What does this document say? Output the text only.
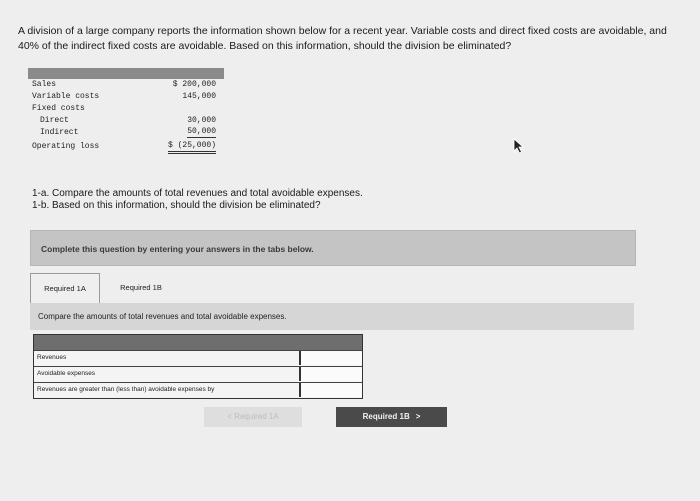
A division of a large company reports the information shown below for a recent year. Variable costs and direct fixed costs are avoidable, and 40% of the indirect fixed costs are avoidable. Based on this information, should the division be eliminated?
Sales	$ 200,000
Variable costs	145,000
Fixed costs
Direct	30,000
Indirect	50,000
Operating loss	$ (25,000)
1-a. Compare the amounts of total revenues and total avoidable expenses.
1-b. Based on this information, should the division be eliminated?
Complete this question by entering your answers in the tabs below.
Required 1A	Required 1B
Compare the amounts of total revenues and total avoidable expenses.
Revenues
Avoidable expenses
Revenues are greater than (less than) avoidable expenses by
< Required 1A	Required 1B >
